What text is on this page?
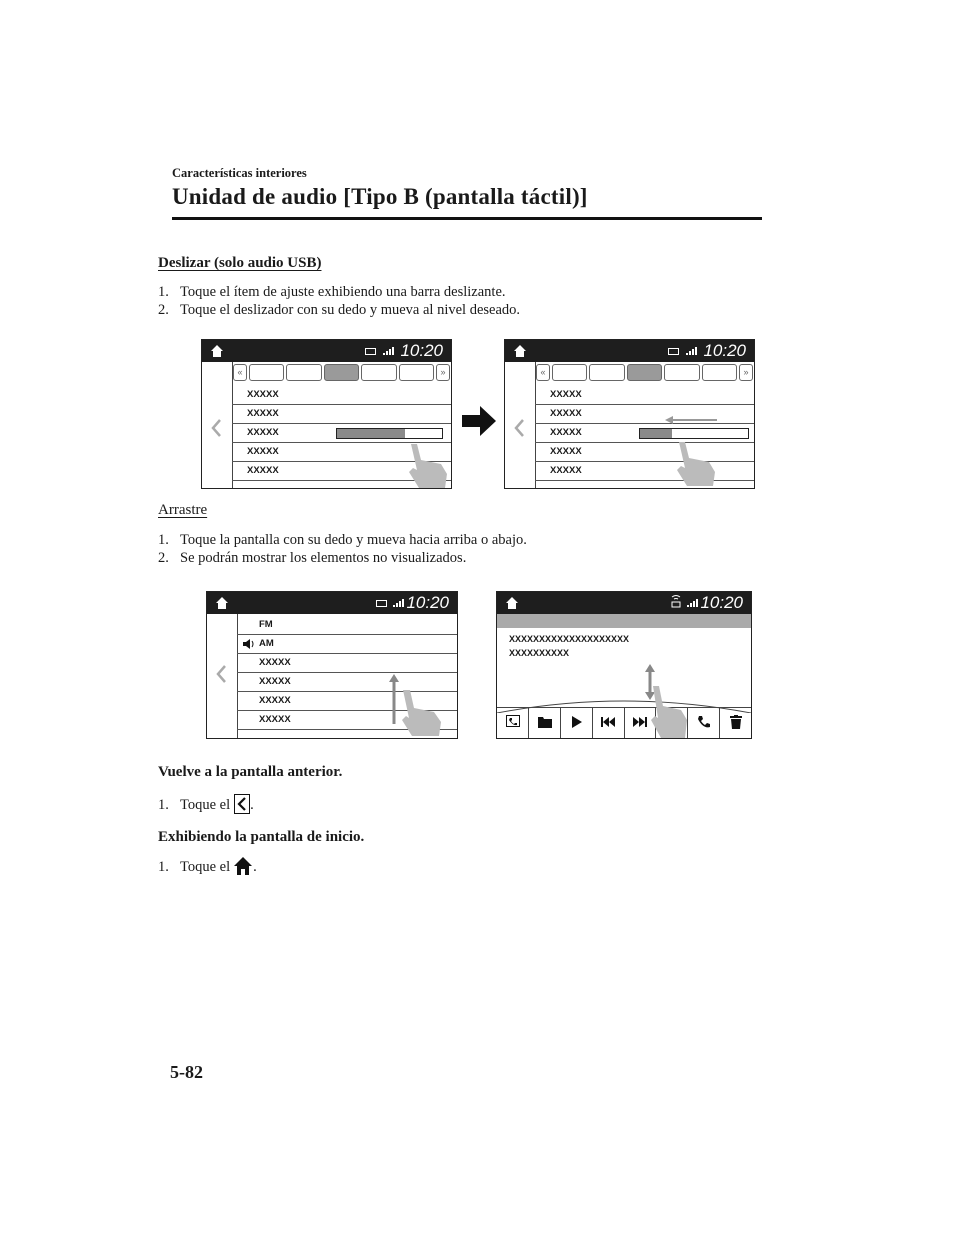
Características interiores
Unidad de audio [Tipo B (pantalla táctil)]
Deslizar (solo audio USB)
1. Toque el ítem de ajuste exhibiendo una barra deslizante.
2. Toque el deslizador con su dedo y mueva al nivel deseado.
10:20
«	»
XXXXX
XXXXX
XXXXX
XXXXX
XXXXX
10:20
«	»
XXXXX
XXXXX
XXXXX
XXXXX
XXXXX
Arrastre
1. Toque la pantalla con su dedo y mueva hacia arriba o abajo.
2. Se podrán mostrar los elementos no visualizados.
10:20
FM
AM
XXXXX
XXXXX
XXXXX
XXXXX
10:20
XXXXXXXXXXXXXXXXXXXX
XXXXXXXXXX
Vuelve a la pantalla anterior.
1. Toque el .
Exhibiendo la pantalla de inicio.
1. Toque el .
5-82
